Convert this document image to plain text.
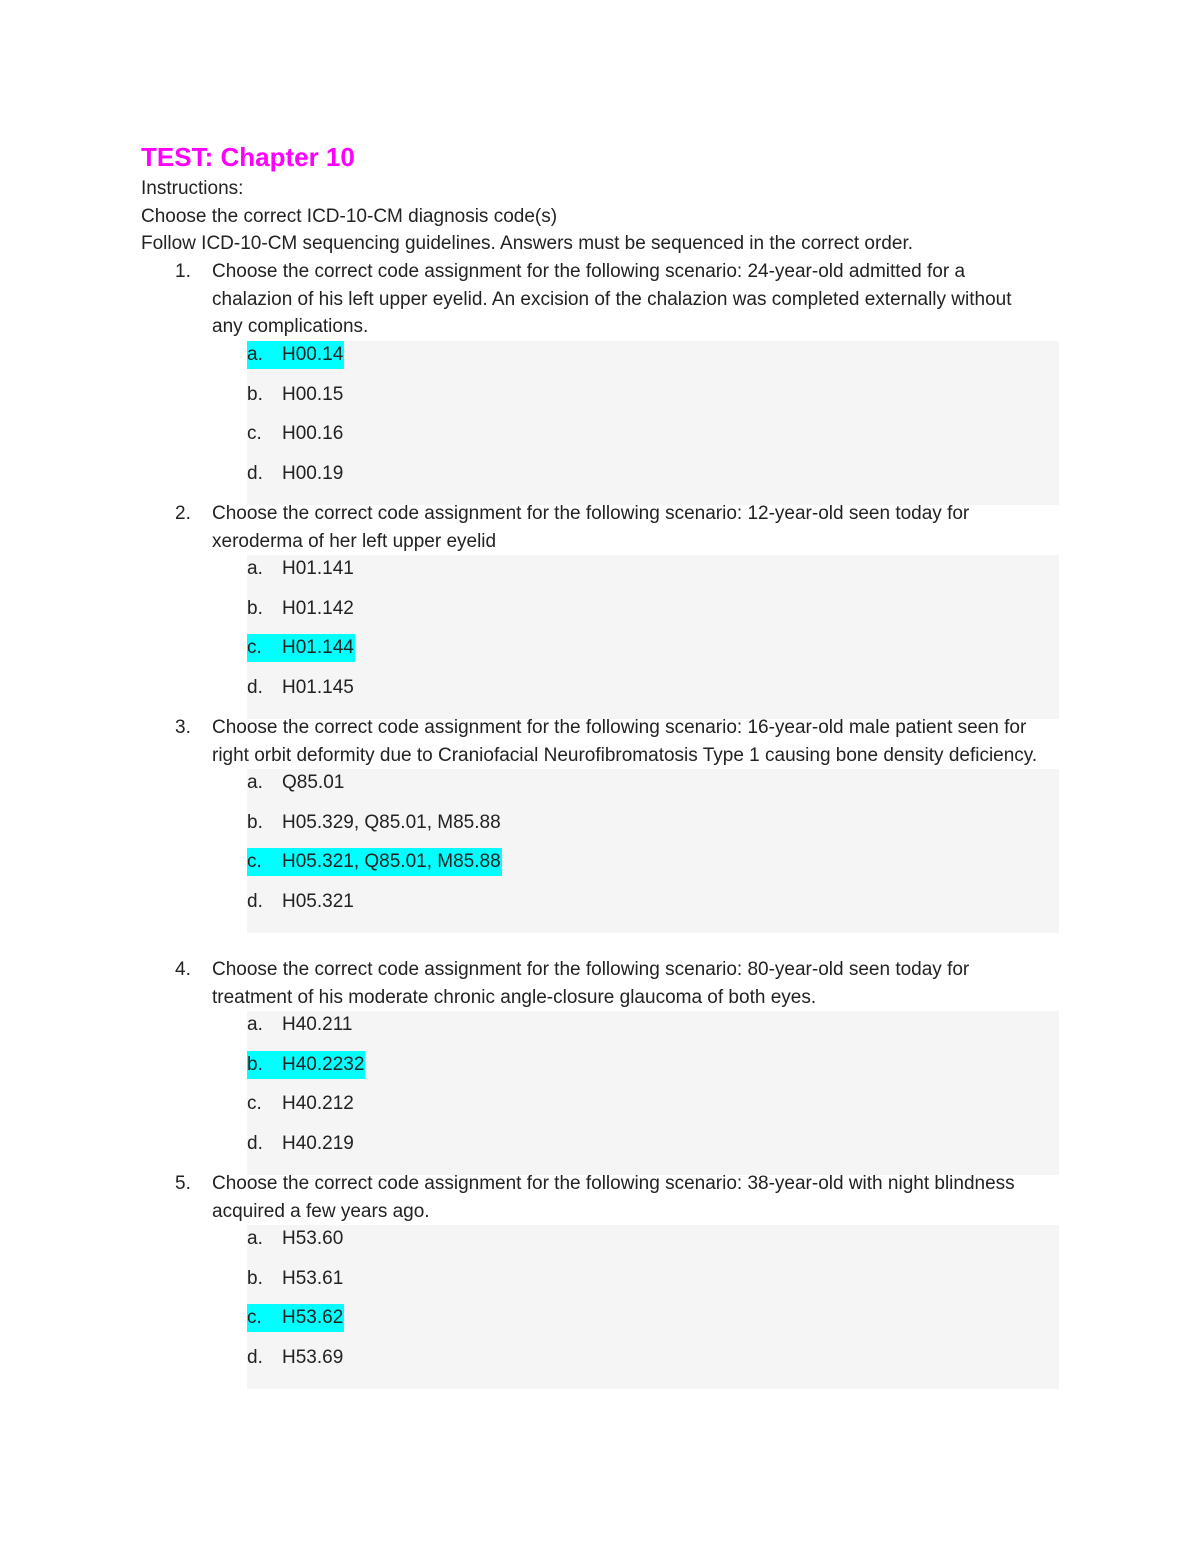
TEST: Chapter 10
Instructions:
Choose the correct ICD-10-CM diagnosis code(s)
Follow ICD-10-CM sequencing guidelines. Answers must be sequenced in the correct order.
1. Choose the correct code assignment for the following scenario: 24-year-old admitted for a chalazion of his left upper eyelid. An excision of the chalazion was completed externally without any complications.
a. H00.14
b. H00.15
c. H00.16
d. H00.19
2. Choose the correct code assignment for the following scenario: 12-year-old seen today for xeroderma of her left upper eyelid
a. H01.141
b. H01.142
c. H01.144
d. H01.145
3. Choose the correct code assignment for the following scenario: 16-year-old male patient seen for right orbit deformity due to Craniofacial Neurofibromatosis Type 1 causing bone density deficiency.
a. Q85.01
b. H05.329, Q85.01, M85.88
c. H05.321, Q85.01, M85.88
d. H05.321
4. Choose the correct code assignment for the following scenario: 80-year-old seen today for treatment of his moderate chronic angle-closure glaucoma of both eyes.
a. H40.211
b. H40.2232
c. H40.212
d. H40.219
5. Choose the correct code assignment for the following scenario: 38-year-old with night blindness acquired a few years ago.
a. H53.60
b. H53.61
c. H53.62
d. H53.69
